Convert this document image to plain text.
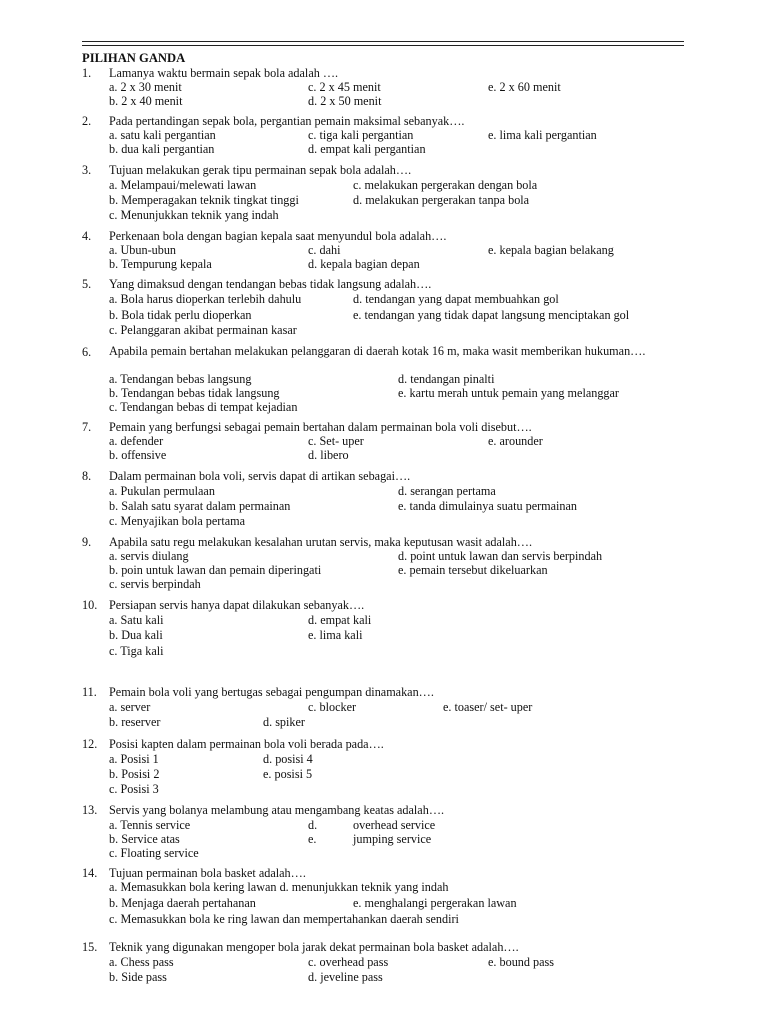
PILIHAN GANDA
1. Lamanya waktu bermain sepak bola adalah ….
a. 2 x 30 menit	c. 2 x 45 menit	e. 2 x 60 menit
b. 2 x 40 menit	d. 2 x 50 menit
2. Pada pertandingan sepak bola, pergantian pemain maksimal sebanyak….
a. satu kali pergantian	c. tiga kali pergantian	e. lima kali pergantian
b. dua kali pergantian	d. empat kali pergantian
3. Tujuan melakukan gerak tipu permainan sepak bola adalah….
a. Melampaui/melewati lawan	c. melakukan pergerakan dengan bola
b. Memperagakan teknik tingkat tinggi	d. melakukan pergerakan tanpa bola
c. Menunjukkan teknik yang indah
4. Perkenaan bola dengan bagian kepala saat menyundul bola adalah….
a. Ubun-ubun	c. dahi	e. kepala bagian belakang
b. Tempurung kepala	d. kepala bagian depan
5. Yang dimaksud dengan tendangan bebas tidak langsung adalah….
a. Bola harus dioperkan terlebih dahulu	d. tendangan yang dapat membuahkan gol
b. Bola tidak perlu dioperkan	e. tendangan yang tidak dapat langsung menciptakan gol
c. Pelanggaran akibat permainan kasar
6. Apabila pemain bertahan melakukan pelanggaran di daerah kotak 16 m, maka wasit memberikan hukuman….
a. Tendangan bebas langsung	d. tendangan pinalti
b. Tendangan bebas tidak langsung	e. kartu merah untuk pemain yang melanggar
c. Tendangan bebas di tempat kejadian
7. Pemain yang berfungsi sebagai pemain bertahan dalam permainan bola voli disebut….
a. defender	c. Set- uper	e. arounder
b. offensive	d. libero
8. Dalam permainan bola voli, servis dapat di artikan sebagai….
a. Pukulan permulaan	d. serangan pertama
b. Salah satu syarat dalam permainan	e. tanda dimulainya suatu permainan
c. Menyajikan bola pertama
9. Apabila satu regu melakukan kesalahan urutan servis, maka keputusan wasit adalah….
a. servis diulang	d. point untuk lawan dan servis berpindah
b. poin untuk lawan dan pemain diperingati	e. pemain tersebut dikeluarkan
c. servis berpindah
10. Persiapan servis hanya dapat dilakukan sebanyak….
a. Satu kali	d. empat kali
b. Dua kali	e. lima kali
c. Tiga kali
11. Pemain bola voli yang bertugas sebagai pengumpan dinamakan….
a. server	c. blocker	e. toaser/ set- uper
b. reserver	d. spiker
12. Posisi kapten dalam permainan bola voli berada pada….
a. Posisi 1	d. posisi 4
b. Posisi 2	e. posisi 5
c. Posisi 3
13. Servis yang bolanya melambung atau mengambang keatas adalah….
a. Tennis service	d.	overhead service
b. Service atas	e.	jumping service
c. Floating service
14. Tujuan permainan bola basket adalah….
a. Memasukkan bola kering lawan d. menunjukkan teknik yang indah
b. Menjaga daerah pertahanan	e. menghalangi pergerakan lawan
c. Memasukkan bola ke ring lawan dan mempertahankan daerah sendiri
15. Teknik yang digunakan mengoper bola jarak dekat permainan bola basket adalah….
a. Chess pass	c. overhead pass	e. bound pass
b. Side pass	d. jeveline pass
